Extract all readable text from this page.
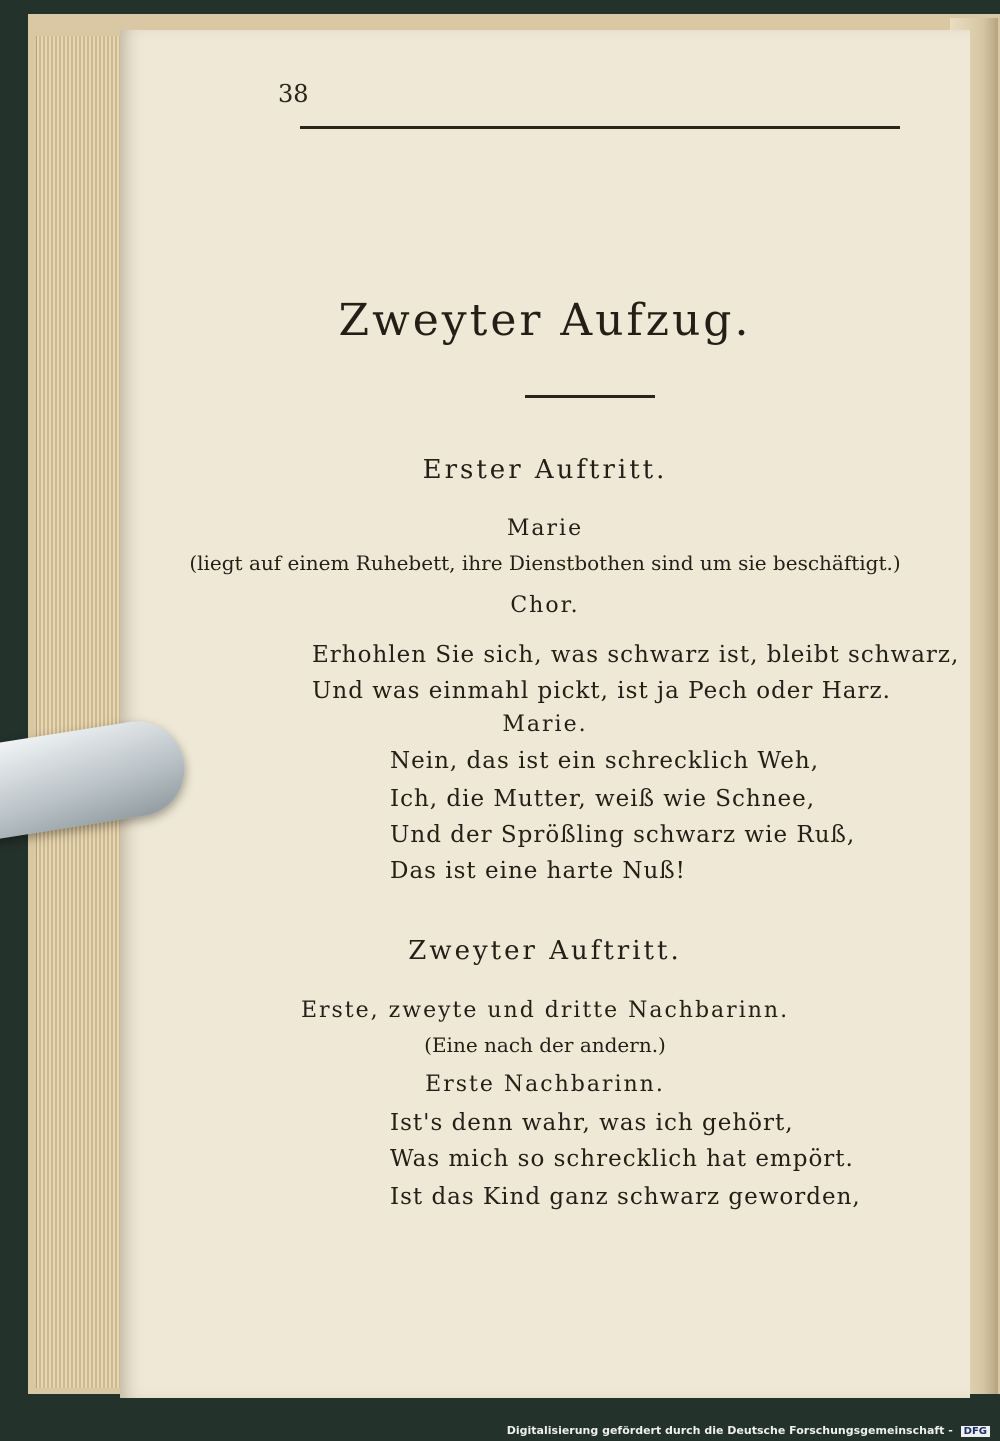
38
Zweyter Aufzug.
Erster Auftritt.
Marie
(liegt auf einem Ruhebett, ihre Dienstbothen sind um sie beschäftigt.)
Chor.
Erhohlen Sie sich, was schwarz ist, bleibt schwarz,
Und was einmahl pickt, ist ja Pech oder Harz.
Marie.
Nein, das ist ein schrecklich Weh,
Ich, die Mutter, weiß wie Schnee,
Und der Sprößling schwarz wie Ruß,
Das ist eine harte Nuß!
Zweyter Auftritt.
Erste, zweyte und dritte Nachbarinn.
(Eine nach der andern.)
Erste Nachbarinn.
Ist's denn wahr, was ich gehört,
Was mich so schrecklich hat empört.
Ist das Kind ganz schwarz geworden,
Digitalisierung gefördert durch die Deutsche Forschungsgemeinschaft - DFG
